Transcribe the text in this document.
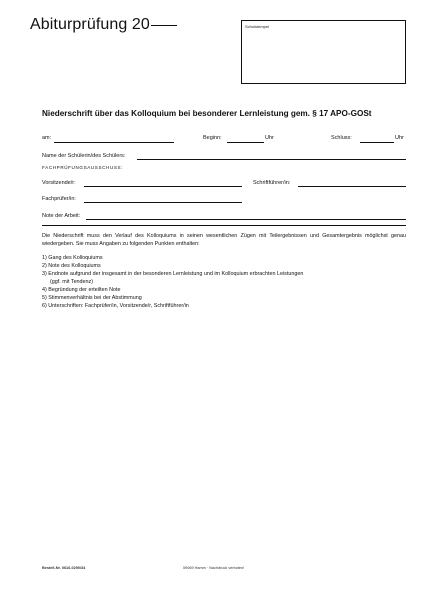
Abiturprüfung 20	Schulstempel
Niederschrift über das Kolloquium bei besonderer Lernleistung gem. § 17 APO-GOSt
am:	Beginn:	Uhr	Schluss:	Uhr
Name der Schülerin/des Schülers:
FACHPRÜFUNGSAUSSCHUSS:
Vorsitzende/r:	Schriftführer/in:
Fachprüfer/in:
Note der Arbeit:
Die Niederschrift muss den Verlauf des Kolloquiums in seinen wesentlichen Zügen mit Teilergebnissen und Gesamtergebnis möglichst genau wiedergeben. Sie muss Angaben zu folgenden Punkten enthalten:
1) Gang des Kolloquiums
2) Note des Kolloquiums
3) Endnote aufgrund der insgesamt in der besonderen Lernleistung und im Kolloquium erbrachten Leistungen
(ggf. mit Tendenz)
4) Begründung der erteilten Note
5) Stimmenverhältnis bei der Abstimmung
6) Unterschriften: Fachprüfer/in, Vorsitzende/r, Schriftführer/in
Bestell-Nr. 0616-0290/34	59069 Hamm · Nachdruck verboten!
